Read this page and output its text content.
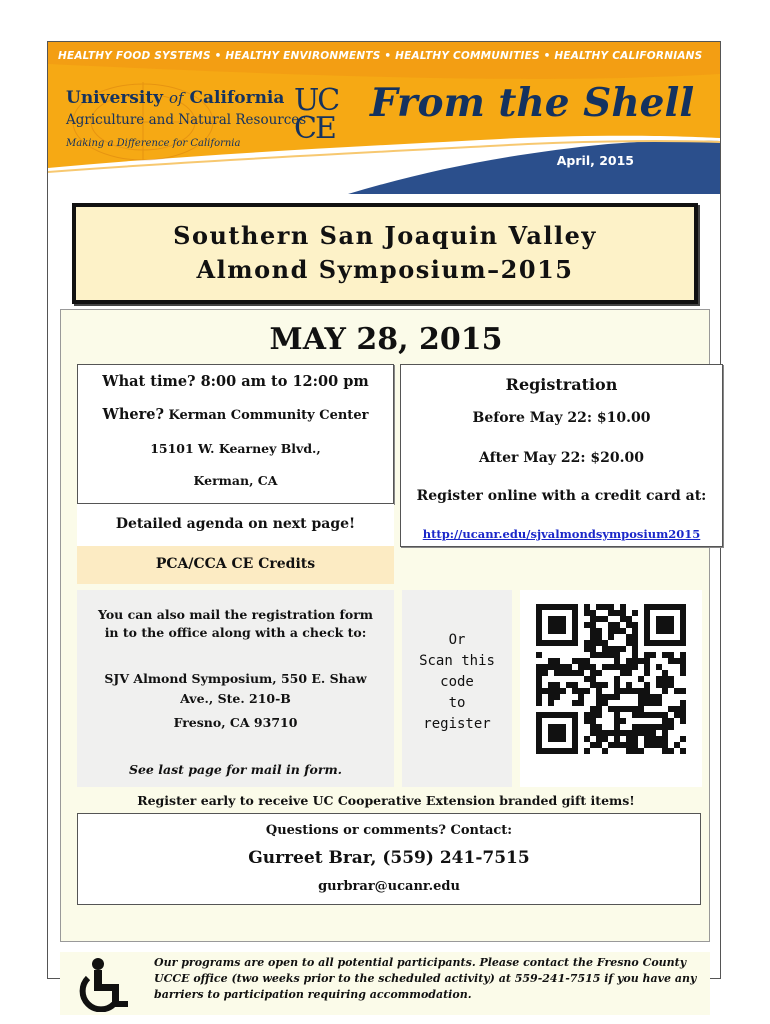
HEALTHY FOOD SYSTEMS • HEALTHY ENVIRONMENTS • HEALTHY COMMUNITIES • HEALTHY CALIFORNIANS
University of California
Agriculture and Natural Resources
Making a Difference for California
UC
CE
From the Shell
April, 2015
Southern San Joaquin Valley
Almond Symposium–2015
MAY 28, 2015
What time? 8:00 am to 12:00 pm
Where? Kerman Community Center
15101 W. Kearney Blvd.,
Kerman, CA
Registration
Before May 22: $10.00
After May 22: $20.00
Register online with a credit card at:
http://ucanr.edu/sjvalmondsymposium2015
Detailed agenda on next page!
PCA/CCA CE Credits
You can also mail the registration form
in to the office along with a check to:
SJV Almond Symposium, 550 E. Shaw
Ave., Ste. 210-B
Fresno, CA 93710
See last page for mail in form.
Or
Scan this
code
to
register
Register early to receive UC Cooperative Extension branded gift items!
Questions or comments? Contact:
Gurreet Brar, (559) 241-7515
gurbrar@ucanr.edu
Our programs are open to all potential participants. Please contact the Fresno County UCCE office (two weeks prior to the scheduled activity) at 559-241-7515 if you have any barriers to participation requiring accommodation.
